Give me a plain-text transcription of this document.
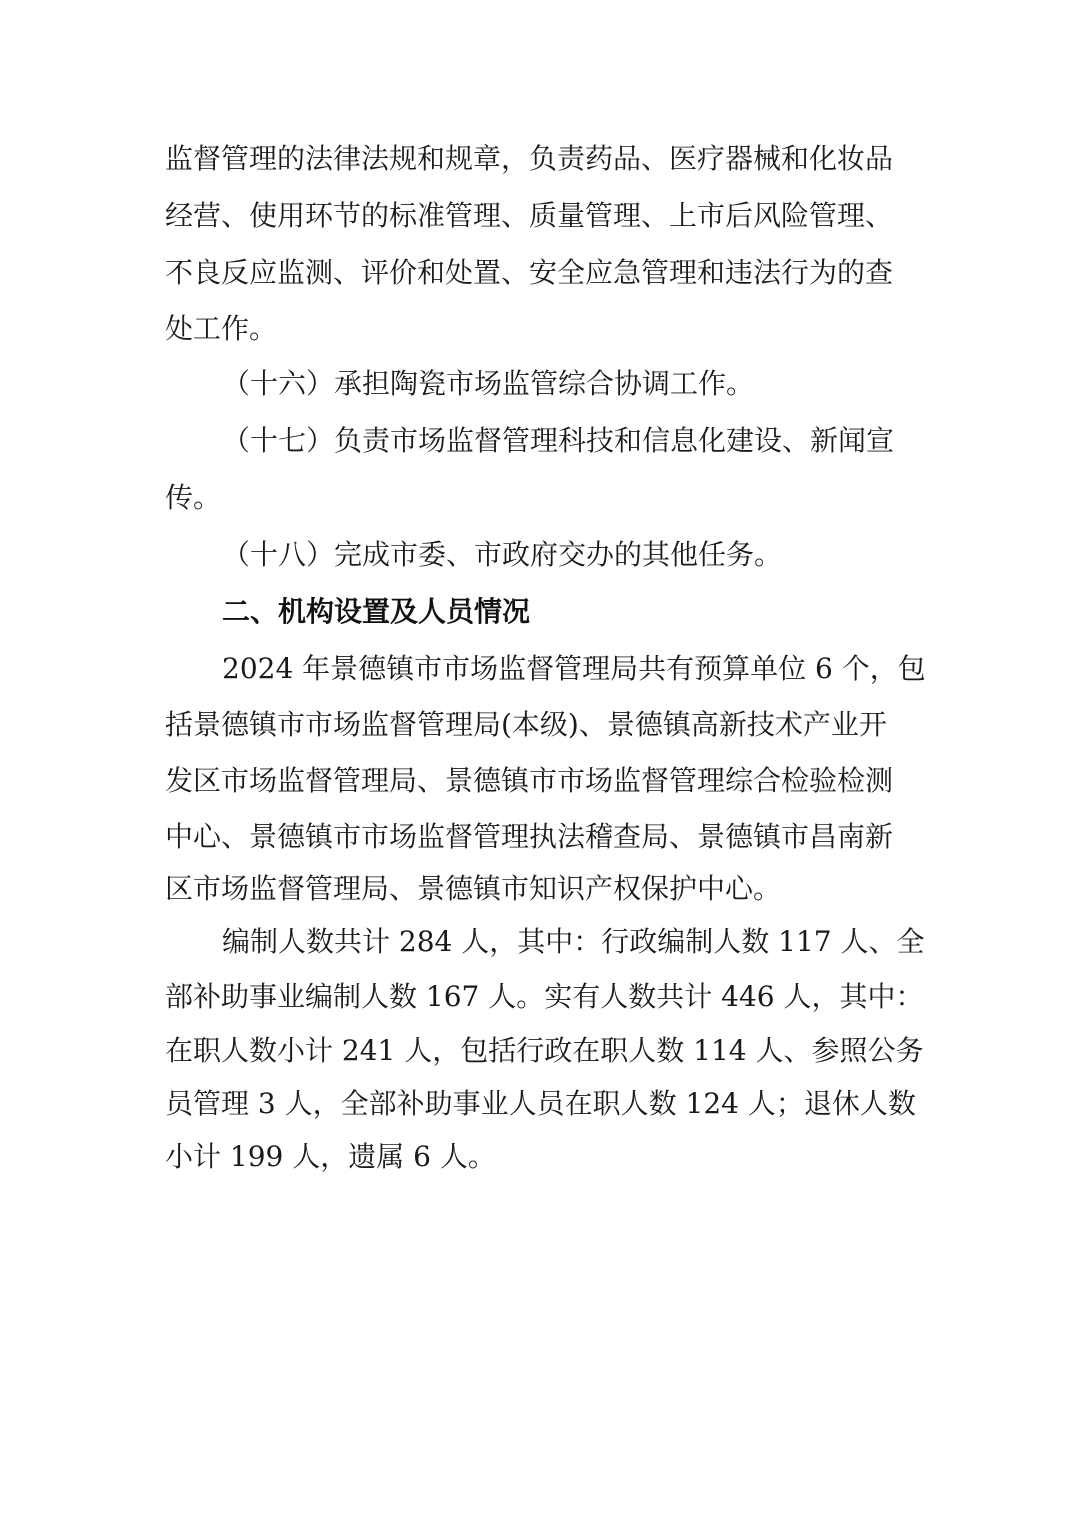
监督管理的法律法规和规章，负责药品、医疗器械和化妆品
经营、使用环节的标准管理、质量管理、上市后风险管理、
不良反应监测、评价和处置、安全应急管理和违法行为的查
处工作。
（十六）承担陶瓷市场监管综合协调工作。
（十七）负责市场监督管理科技和信息化建设、新闻宣
传。
（十八）完成市委、市政府交办的其他任务。
二、机构设置及人员情况
2024 年景德镇市市场监督管理局共有预算单位 6 个，包
括景德镇市市场监督管理局(本级)、景德镇高新技术产业开
发区市场监督管理局、景德镇市市场监督管理综合检验检测
中心、景德镇市市场监督管理执法稽查局、景德镇市昌南新
区市场监督管理局、景德镇市知识产权保护中心。
编制人数共计 284 人，其中：行政编制人数 117 人、全
部补助事业编制人数 167 人。实有人数共计 446 人，其中：
在职人数小计 241 人，包括行政在职人数 114 人、参照公务
员管理 3 人，全部补助事业人员在职人数 124 人；退休人数
小计 199 人，遗属 6 人。
